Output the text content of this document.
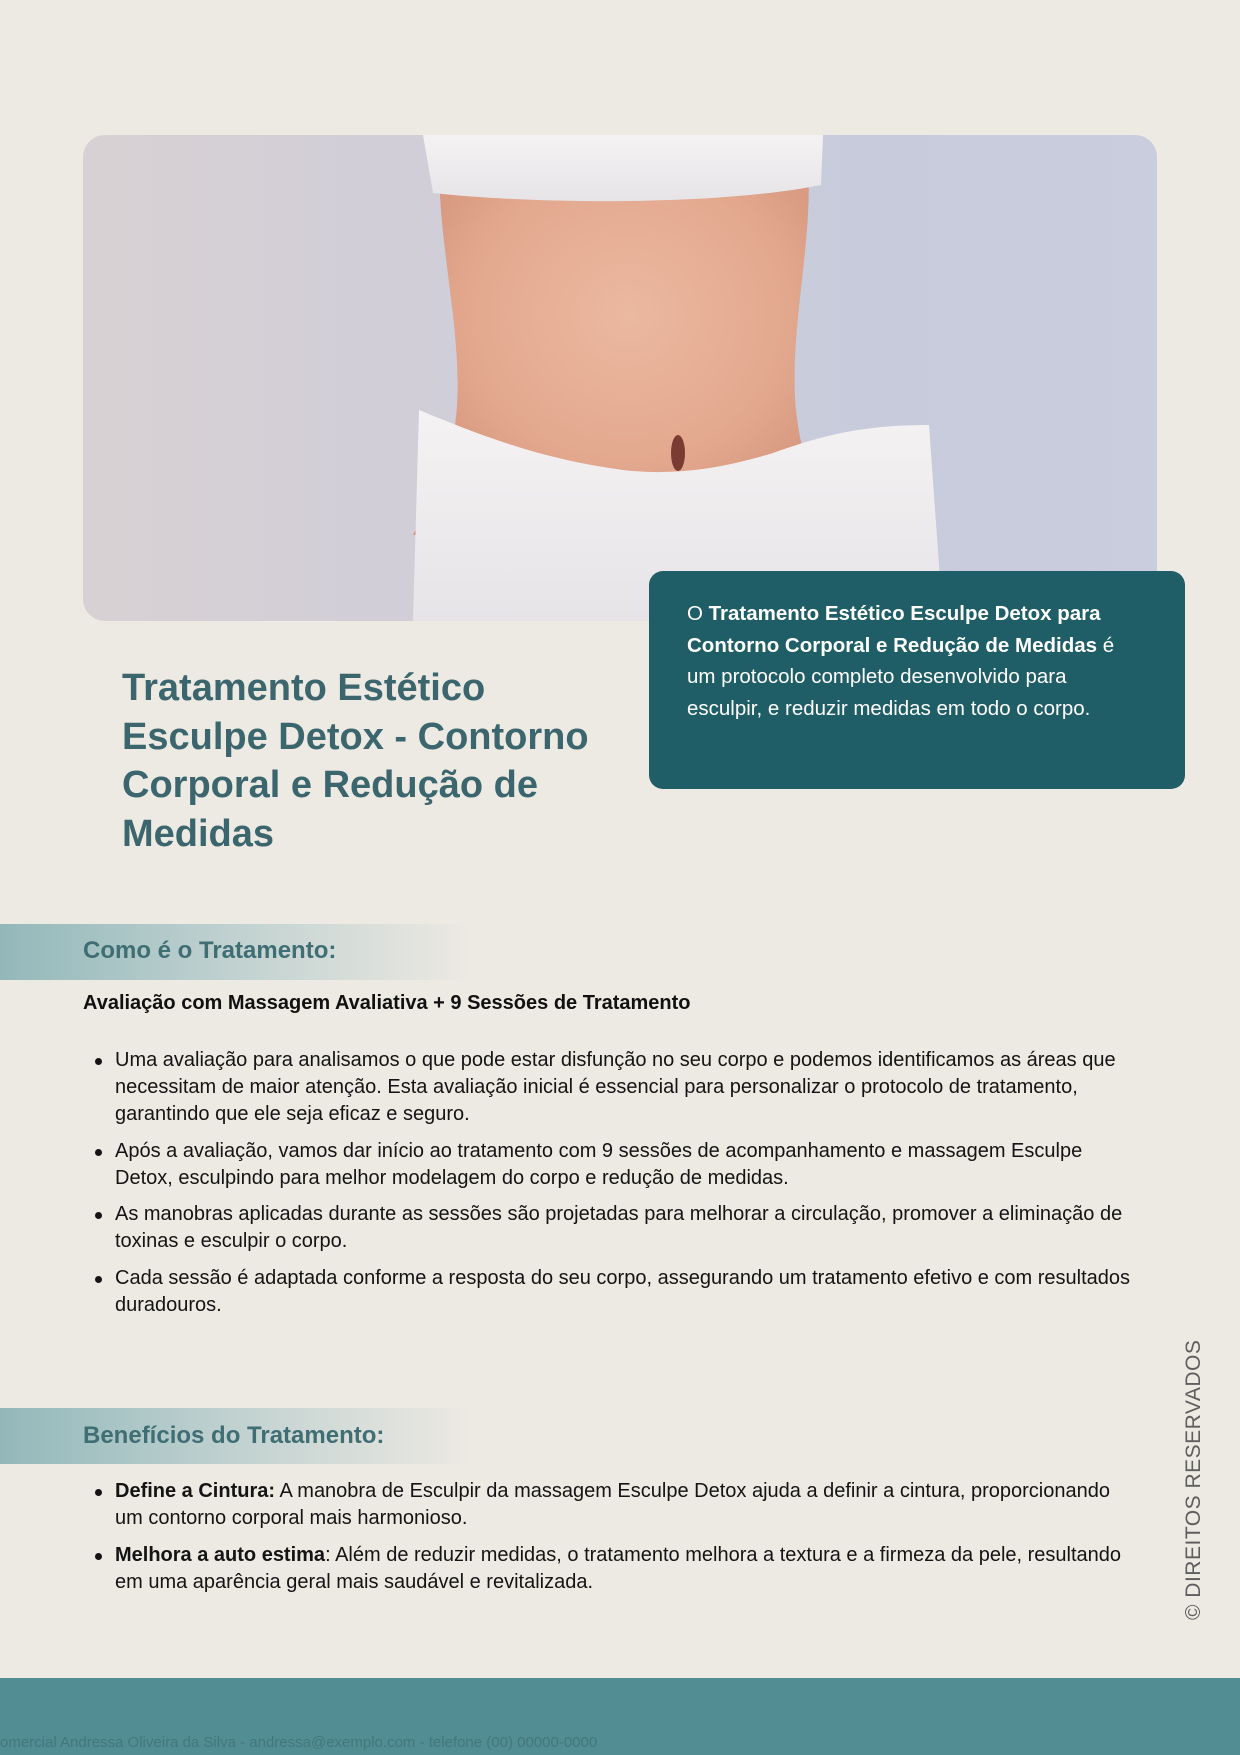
O Tratamento Estético Esculpe Detox para Contorno Corporal e Redução de Medidas é um protocolo completo desenvolvido para esculpir, e reduzir medidas em todo o corpo.
Tratamento Estético Esculpe Detox - Contorno Corporal e Redução de Medidas
Como é o Tratamento:

Avaliação com Massagem Avaliativa + 9 Sessões de Tratamento

Uma avaliação para analisamos o que pode estar disfunção no seu corpo e podemos identificamos as áreas que necessitam de maior atenção. Esta avaliação inicial é essencial para personalizar o protocolo de tratamento, garantindo que ele seja eficaz e seguro.
Após a avaliação, vamos dar início ao tratamento com 9 sessões de acompanhamento e massagem Esculpe Detox, esculpindo para melhor modelagem do corpo e redução de medidas.
As manobras aplicadas durante as sessões são projetadas para melhorar a circulação, promover a eliminação de toxinas e esculpir o corpo.
Cada sessão é adaptada conforme a resposta do seu corpo, assegurando um tratamento efetivo e com resultados duradouros.
Benefícios do Tratamento:
Define a Cintura: A manobra de Esculpir da massagem Esculpe Detox ajuda a definir a cintura, proporcionando um contorno corporal mais harmonioso.
Melhora a auto estima: Além de reduzir medidas, o tratamento melhora a textura e a firmeza da pele, resultando em uma aparência geral mais saudável e revitalizada.	© DIREITOS RESERVADOS
omercial Andressa Oliveira da Silva - andressa@exemplo.com - telefone (00) 00000-0000
